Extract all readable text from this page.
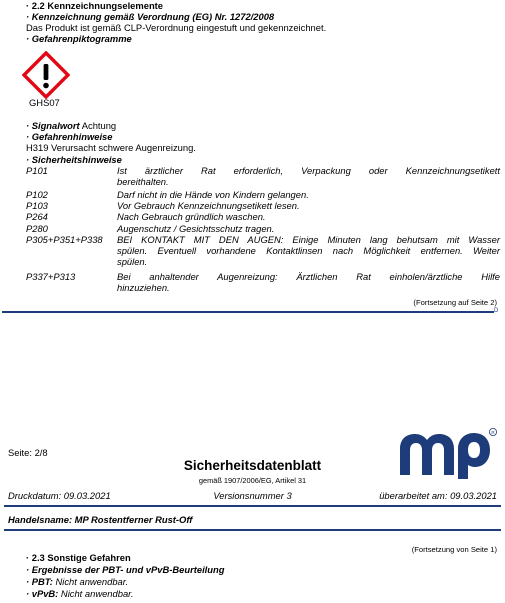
· 2.2 Kennzeichnungselemente
· Kennzeichnung gemäß Verordnung (EG) Nr. 1272/2008
Das Produkt ist gemäß CLP-Verordnung eingestuft und gekennzeichnet.
· Gefahrenpiktogramme
GHS07
· Signalwort Achtung
· Gefahrenhinweise
H319 Verursacht schwere Augenreizung.
· Sicherheitshinweise
P101	Ist ärztlicher Rat erforderlich, Verpackung oder Kennzeichnungsetikett
bereithalten.
P102	Darf nicht in die Hände von Kindern gelangen.
P103	Vor Gebrauch Kennzeichnungsetikett lesen.
P264	Nach Gebrauch gründlich waschen.
P280	Augenschutz / Gesichtsschutz tragen.
P305+P351+P338 BEI KONTAKT MIT DEN AUGEN: Einige Minuten lang behutsam mit Wasser
spülen. Eventuell vorhandene Kontaktlinsen nach Möglichkeit entfernen. Weiter
spülen.
P337+P313	Bei anhaltender Augenreizung: Ärztlichen Rat einholen/ärztliche Hilfe
hinzuziehen.
(Fortsetzung auf Seite 2)
D
Seite: 2/8
R
Sicherheitsdatenblatt
gemäß 1907/2006/EG, Artikel 31
Druckdatum: 09.03.2021	Versionsnummer 3	überarbeitet am: 09.03.2021
Handelsname: MP Rostentferner Rust-Off
(Fortsetzung von Seite 1)
· 2.3 Sonstige Gefahren
· Ergebnisse der PBT- und vPvB-Beurteilung
· PBT: Nicht anwendbar.
· vPvB: Nicht anwendbar.
